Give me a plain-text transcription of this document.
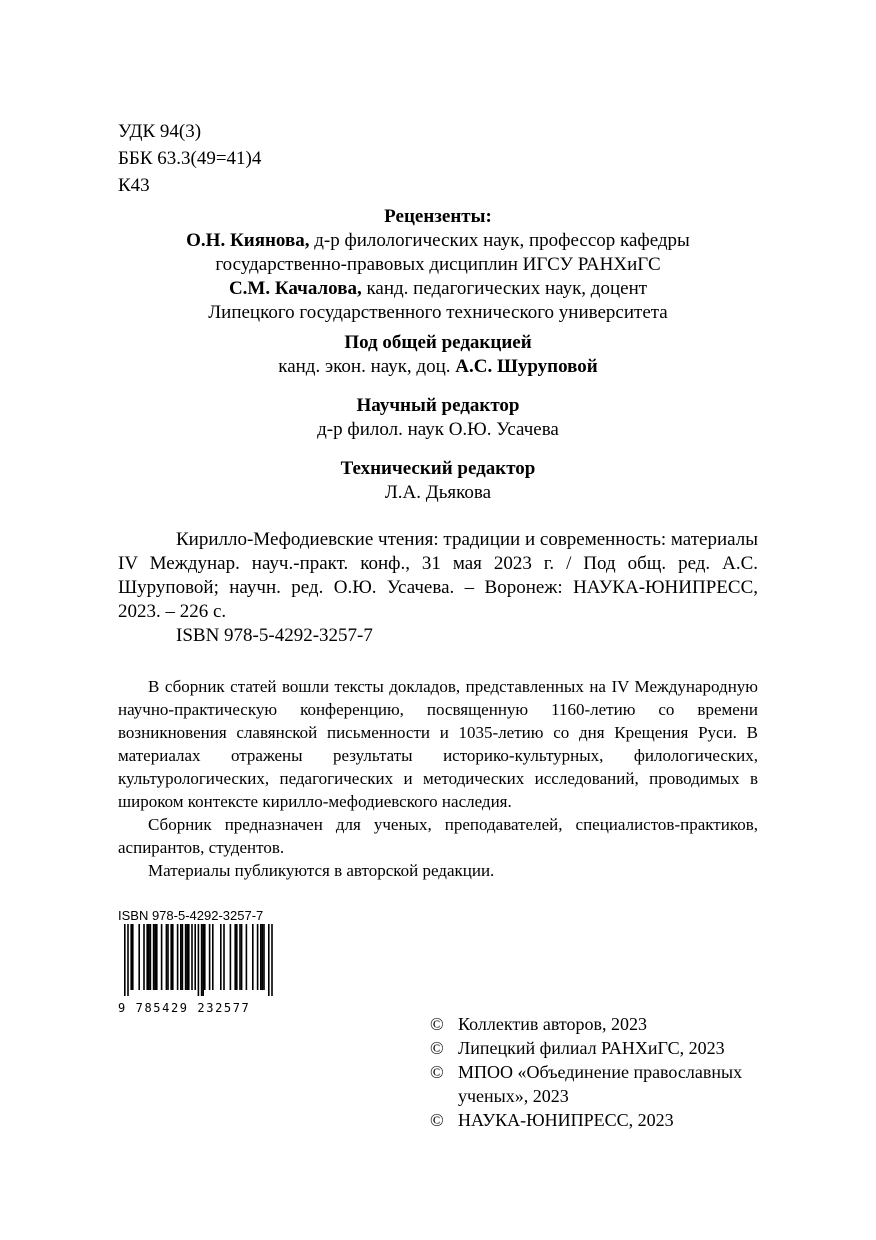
УДК 94(3)
ББК 63.3(49=41)4
К43
Рецензенты:
О.Н. Киянова, д-р филологических наук, профессор кафедры
государственно-правовых дисциплин ИГСУ РАНХиГС
С.М. Качалова, канд. педагогических наук, доцент
Липецкого государственного технического университета
Под общей редакцией
канд. экон. наук, доц. А.С. Шуруповой
Научный редактор
д-р филол. наук О.Ю. Усачева
Технический редактор
Л.А. Дьякова

Кирилло-Мефодиевские чтения: традиции и современность: материалы IV Междунар. науч.-практ. конф., 31 мая 2023 г. / Под общ. ред. А.С. Шуруповой; научн. ред. О.Ю. Усачева. – Воронеж: НАУКА-ЮНИПРЕСС, 2023. – 226 с.

ISBN 978-5-4292-3257-7

В сборник статей вошли тексты докладов, представленных на IV Международную научно-практическую конференцию, посвященную 1160-летию со времени возникновения славянской письменности и 1035-летию со дня Крещения Руси. В материалах отражены результаты историко-культурных, филологических, культурологических, педагогических и методических исследований, проводимых в широком контексте кирилло-мефодиевского наследия.

Сборник предназначен для ученых, преподавателей, специалистов-практиков, аспирантов, студентов.

Материалы публикуются в авторской редакции.

ISBN 978-5-4292-3257-7
9 785429 232577
© Коллектив авторов, 2023
© Липецкий филиал РАНХиГС, 2023
© МПОО «Объединение православных ученых», 2023
© НАУКА-ЮНИПРЕСС, 2023
